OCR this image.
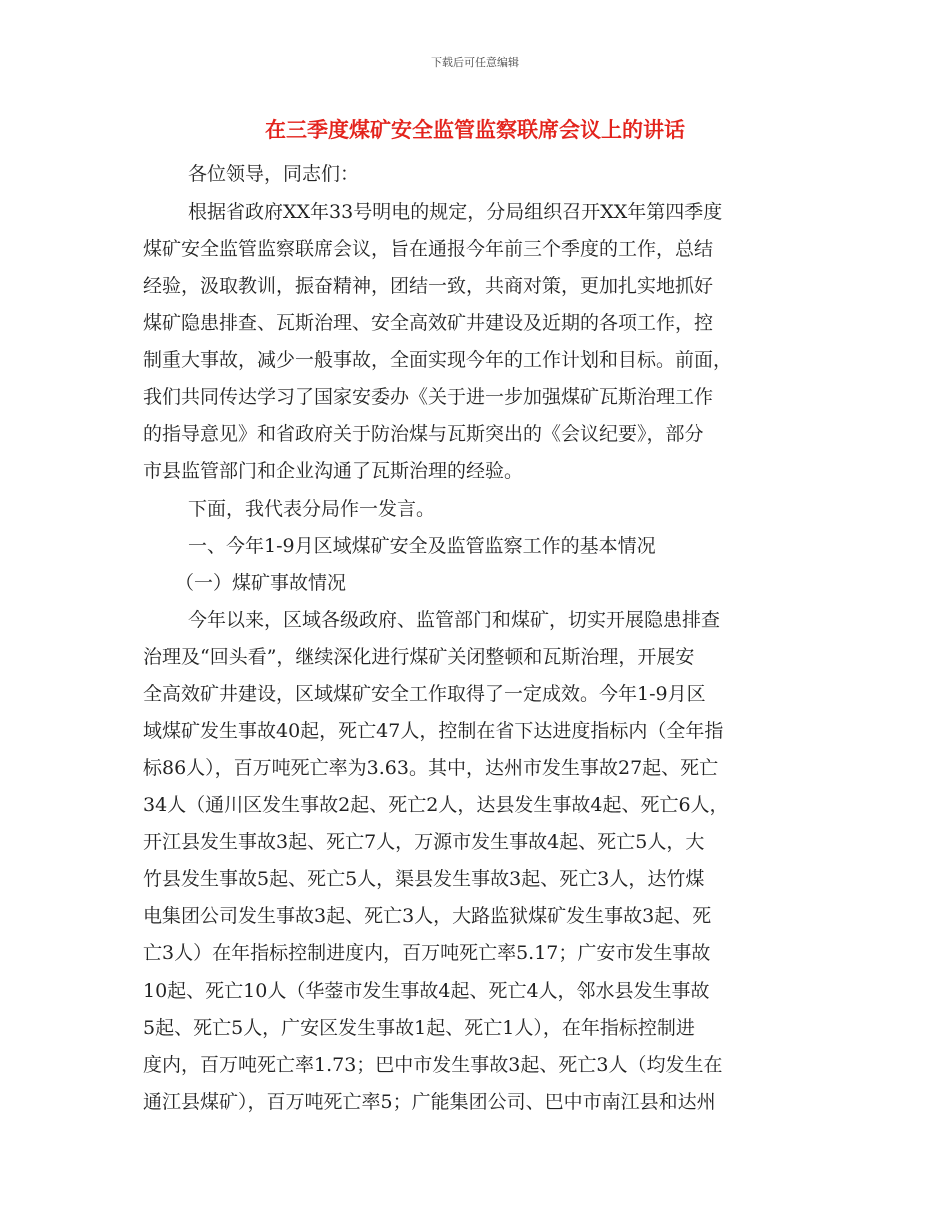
下载后可任意编辑
在三季度煤矿安全监管监察联席会议上的讲话
各位领导，同志们：
根据省政府XX年33号明电的规定，分局组织召开XX年第四季度
煤矿安全监管监察联席会议，旨在通报今年前三个季度的工作，总结
经验，汲取教训，振奋精神，团结一致，共商对策，更加扎实地抓好
煤矿隐患排查、瓦斯治理、安全高效矿井建设及近期的各项工作，控
制重大事故，减少一般事故，全面实现今年的工作计划和目标。前面，
我们共同传达学习了国家安委办《关于进一步加强煤矿瓦斯治理工作
的指导意见》和省政府关于防治煤与瓦斯突出的《会议纪要》，部分
市县监管部门和企业沟通了瓦斯治理的经验。
下面，我代表分局作一发言。
一、今年1-9月区域煤矿安全及监管监察工作的基本情况
（一）煤矿事故情况
今年以来，区域各级政府、监管部门和煤矿，切实开展隐患排查
治理及“回头看”，继续深化进行煤矿关闭整顿和瓦斯治理，开展安
全高效矿井建设，区域煤矿安全工作取得了一定成效。今年1-9月区
域煤矿发生事故40起，死亡47人，控制在省下达进度指标内（全年指
标86人），百万吨死亡率为3.63。其中，达州市发生事故27起、死亡
34人（通川区发生事故2起、死亡2人，达县发生事故4起、死亡6人，
开江县发生事故3起、死亡7人，万源市发生事故4起、死亡5人，大
竹县发生事故5起、死亡5人，渠县发生事故3起、死亡3人，达竹煤
电集团公司发生事故3起、死亡3人，大路监狱煤矿发生事故3起、死
亡3人）在年指标控制进度内，百万吨死亡率5.17；广安市发生事故
10起、死亡10人（华蓥市发生事故4起、死亡4人，邻水县发生事故
5起、死亡5人，广安区发生事故1起、死亡1人），在年指标控制进
度内，百万吨死亡率1.73；巴中市发生事故3起、死亡3人（均发生在
通江县煤矿），百万吨死亡率5；广能集团公司、巴中市南江县和达州
